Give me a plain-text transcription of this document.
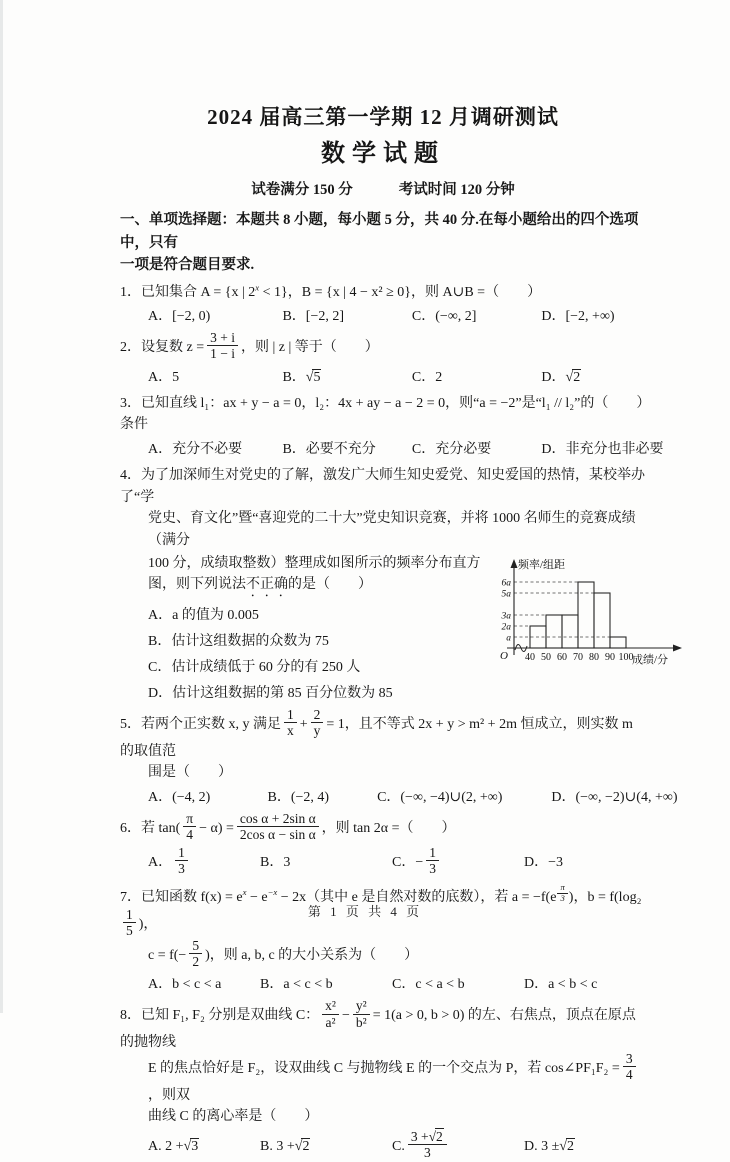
2024 届高三第一学期 12 月调研测试
数学试题
试卷满分 150 分	考试时间 120 分钟
一、单项选择题：本题共 8 小题，每小题 5 分，共 40 分.在每小题给出的四个选项中，只有
一项是符合题目要求.
1．已知集合 A = {x | $2^x < 1$}，B = {x | 4 − x² ≥ 0}，则 A∪B =（　　）
A．[−2, 0)	B．[−2, 2]	C．(−∞, 2]	D．[−2, +∞)
2．设复数 $z = \frac{3 + i}{1 - i}$ ，则 | z | 等于（　　）
A．5	B．√5	C．2	D．√2
3．已知直线 l₁：ax + y − a = 0，l₂：4x + ay − a − 2 = 0，则“a = −2”是“l₁ // l₂”的（　　）条件
A．充分不必要	B．必要不充分	C．充分必要	D．非充分也非必要
4．为了加深师生对党史的了解，激发广大师生知史爱党、知史爱国的热情，某校举办了“学
党史、育文化”暨“喜迎党的二十大”党史知识竞赛，并将 1000 名师生的竞赛成绩（满分
100 分，成绩取整数）整理成如图所示的频率分布直方
图，则下列说法不正确的是（　　）
A．a 的值为 0.005
B．估计这组数据的众数为 75
C．估计成绩低于 60 分的有 250 人
D．估计这组数据的第 85 百分位数为 85
a
2a
3a
5a
6a
频率/组距
40 50 60 70 80 90 100
成绩/分
O
5．若两个正实数 x, y 满足 $\frac{1}{x} + \frac{2}{y} = 1$，且不等式 2x + y > m² + 2m 恒成立，则实数 m 的取值范
围是（　　）
A．(−4, 2)	B．(−2, 4)	C．(−∞, −4)∪(2, +∞)	D．(−∞, −2)∪(4, +∞)
6．若 $\tan( \frac{\pi}{4} - \alpha) = \frac{\text{cos α + 2sin α}}{\text{2cos α − sin α}}$ ，则 tan 2α =（　　）
A． $\frac{1}{3}$	B．3	C．− $\frac{1}{3}$	D．−3
7．已知函数 $f(x) = e^x - e^{-x} - 2x$（其中 e 是自然对数的底数），若 a = −f(e $^{\frac{\pi}{3}}$ )，b = f(log₂
$\frac{1}{5}$ )，
$c = f(- \frac{5}{2}$ )，则 a, b, c 的大小关系为（　　）
A．b < c < a	B．a < c < b	C．c < a < b	D．a < b < c
8．已知 F₁, F₂ 分别是双曲线 C： $\frac{\text{x²}}{\text{a²}} - \frac{\text{y²}}{\text{b²}} = 1(a > 0$, b > 0) 的左、右焦点，顶点在原点的抛物线
E 的焦点恰好是 F₂，设双曲线 C 与抛物线 E 的一个交点为 P，若 cos∠PF₁F₂ = $\frac{3}{4}$
，则双
曲线 C 的离心率是（　　）
A. 2 +√3	B. 3 +√2	C. $\frac{3 +√2}{3}$	D. 3 ±√2
第 1 页 共 4 页
